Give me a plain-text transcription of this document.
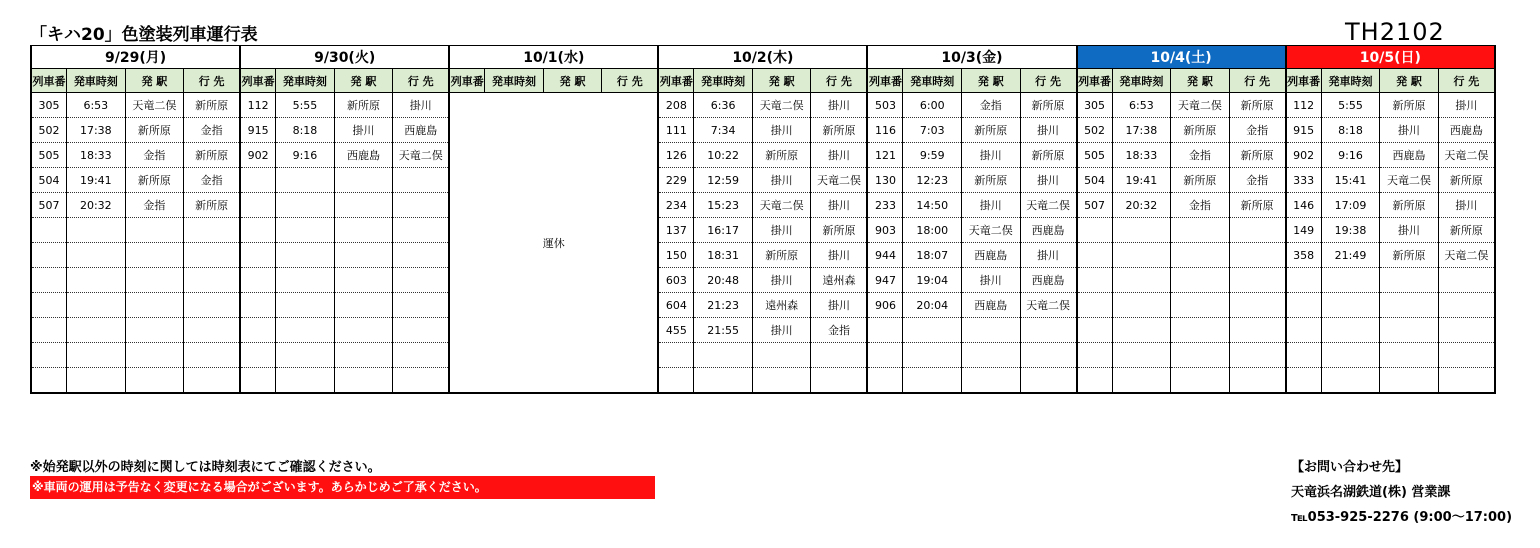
「キハ20」色塗装列車運行表	TH2102
9/29(月)				9/30(火)				10/1(水)				10/2(木)				10/3(金)				10/4(土)				10/5(日)			
列車番	発車時刻	発 駅	行 先	列車番	発車時刻	発 駅	行 先	列車番	発車時刻	発 駅	行 先	列車番	発車時刻	発 駅	行 先	列車番	発車時刻	発 駅	行 先	列車番	発車時刻	発 駅	行 先	列車番	発車時刻	発 駅	行 先
305	6:53	天竜二俣	新所原	112	5:55	新所原	掛川	運休				208	6:36	天竜二俣	掛川	503	6:00	金指	新所原	305	6:53	天竜二俣	新所原	112	5:55	新所原	掛川
502	17:38	新所原	金指	915	8:18	掛川	西鹿島					111	7:34	掛川	新所原	116	7:03	新所原	掛川	502	17:38	新所原	金指	915	8:18	掛川	西鹿島
505	18:33	金指	新所原	902	9:16	西鹿島	天竜二俣					126	10:22	新所原	掛川	121	9:59	掛川	新所原	505	18:33	金指	新所原	902	9:16	西鹿島	天竜二俣
504	19:41	新所原	金指									229	12:59	掛川	天竜二俣	130	12:23	新所原	掛川	504	19:41	新所原	金指	333	15:41	天竜二俣	新所原
507	20:32	金指	新所原									234	15:23	天竜二俣	掛川	233	14:50	掛川	天竜二俣	507	20:32	金指	新所原	146	17:09	新所原	掛川
												137	16:17	掛川	新所原	903	18:00	天竜二俣	西鹿島					149	19:38	掛川	新所原
												150	18:31	新所原	掛川	944	18:07	西鹿島	掛川					358	21:49	新所原	天竜二俣
												603	20:48	掛川	遠州森	947	19:04	掛川	西鹿島								
												604	21:23	遠州森	掛川	906	20:04	西鹿島	天竜二俣								
												455	21:55	掛川	金指												

※始発駅以外の時刻に関しては時刻表にてご確認ください。
※車両の運用は予告なく変更になる場合がございます。あらかじめご了承ください。
【お問い合わせ先】
天竜浜名湖鉄道(株) 営業課
℡053-925-2276 (9:00～17:00)
